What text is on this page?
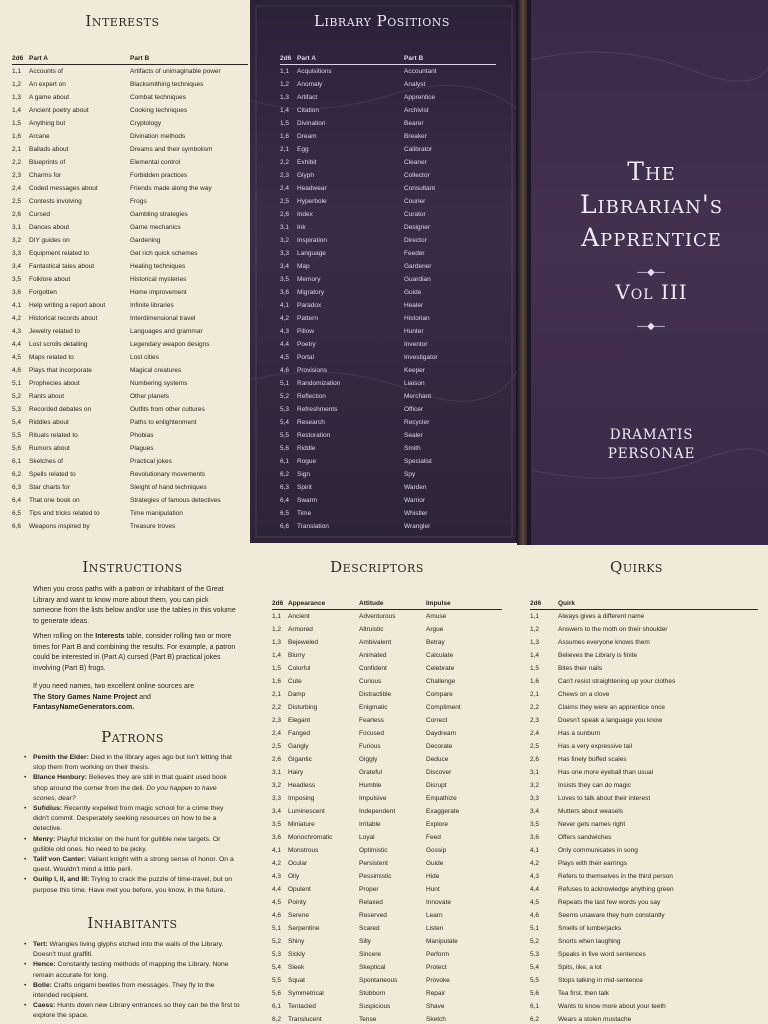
Interests
2d6 Part A	Part B
1,1 Accounts of	Artifacts of unimaginable power
1,2 An expert on	Blacksmithing techniques
1,3 A game about	Combat techniques
1,4 Ancient poetry about	Cooking techniques
1,5 Anything but	Cryptology
1,6 Arcane	Divination methods
2,1 Ballads about	Dreams and their symbolism
2,2 Blueprints of	Elemental control
2,3 Charms for	Forbidden practices
2,4 Coded messages about	Friends made along the way
2,5 Contests involving	Frogs
2,6 Cursed	Gambling strategies
3,1 Dances about	Game mechanics
3,2 DIY guides on	Gardening
3,3 Equipment related to	Get rich quick schemes
3,4 Fantastical tales about	Healing techniques
3,5 Folklore about	Historical mysteries
3,6 Forgotten	Home improvement
4,1 Help writing a report about	Infinite libraries
4,2 Historical records about	Interdimensional travel
4,3 Jewelry related to	Languages and grammar
4,4 Lost scrolls detailing	Legendary weapon designs
4,5 Maps related to	Lost cities
4,6 Plays that incorporate	Magical creatures
5,1 Prophecies about	Numbering systems
5,2 Rants about	Other planets
5,3 Recorded debates on	Outfits from other cultures
5,4 Riddles about	Paths to enlightenment
5,5 Rituals related to	Phobias
5,6 Rumors about	Plagues
6,1 Sketches of	Practical jokes
6,2 Spells related to	Revolutionary movements
6,3 Star charts for	Sleight of hand techniques
6,4 That one book on	Strategies of famous detectives
6,5 Tips and tricks related to	Time manipulation
6,6 Weapons inspired by	Treasure troves
Library Positions
2d6 Part A	Part B
1,1 Acquisitions	Accountant
1,2 Anomaly	Analyst
1,3 Artifact	Apprentice
1,4 Citation	Archivist
1,5 Divination	Bearer
1,6 Dream	Breaker
2,1 Egg	Calibrator
2,2 Exhibit	Cleaner
2,3 Glyph	Collector
2,4 Headwear	Consultant
2,5 Hyperbole	Courier
2,6 Index	Curator
3,1 Ink	Designer
3,2 Inspiration	Director
3,3 Language	Feeder
3,4 Map	Gardener
3,5 Memory	Guardian
3,6 Migratory	Guide
4,1 Paradox	Healer
4,2 Pattern	Historian
4,3 Pillow	Hunter
4,4 Poetry	Inventor
4,5 Portal	Investigator
4,6 Provisions	Keeper
5,1 Randomization	Liaison
5,2 Reflection	Merchant
5,3 Refreshments	Officer
5,4 Research	Recycler
5,5 Restoration	Sealer
5,6 Riddle	Smith
6,1 Rogue	Specialist
6,2 Sign	Spy
6,3 Spirit	Warden
6,4 Swarm	Warrior
6,5 Time	Whistler
6,6 Translation	Wrangler
The
Librarian's
Apprentice
—◆—
Vol III
—◆—
DRAMATIS
PERSONAE
Instructions
When you cross paths with a patron or inhabitant of the Great Library and want to know more about them, you can pick someone from the lists below and/or use the tables in this volume to generate ideas.
When rolling on the Interests table, consider rolling two or more times for Part B and combining the results. For example, a patron could be interested in (Part A) cursed (Part B) practical jokes involving (Part B) frogs.
If you need names, two excellent online sources are
The Story Games Name Project and
FantasyNameGenerators.com.
Patrons
• Pemith the Elder: Died in the library ages ago but isn't letting that stop them from working on their thesis.
• Blance Henbury: Believes they are still in that quaint used book shop around the corner from the deli. Do you happen to have scones, dear?
• Sufidius: Recently expelled from magic school for a crime they didn't commit. Desperately seeking resources on how to be a detective.
• Menry: Playful trickster on the hunt for gullible new targets. Or gullible old ones. No need to be picky.
• Talif von Canter: Valiant knight with a strong sense of honor. On a quest. Wouldn't mind a little peril.
• Guilip I, II, and III: Trying to crack the puzzle of time-travel, but on purpose this time. Have met you before, you know, in the future.
Inhabitants
• Tert: Wrangles living glyphs etched into the walls of the Library. Doesn't trust graffiti.
• Hence: Constantly testing methods of mapping the Library. None remain accurate for long.
• Bolle: Crafts origami beetles from messages. They fly to the intended recipient.
• Caess: Hunts down new Library entrances so they can be the first to explore the space.
Descriptors
2d6 Appearance	Attitude	Impulse
1,1 Ancient	Adventurous	Amuse
1,2 Armored	Altruistic	Argue
1,3 Bejeweled	Ambivalent	Betray
1,4 Blurry	Animated	Calculate
1,5 Colorful	Confident	Celebrate
1,6 Cute	Curious	Challenge
2,1 Damp	Distractible	Compare
2,2 Disturbing	Enigmatic	Compliment
2,3 Elegant	Fearless	Correct
2,4 Fanged	Focused	Daydream
2,5 Gangly	Furious	Decorate
2,6 Gigantic	Giggly	Deduce
3,1 Hairy	Grateful	Discover
3,2 Headless	Humble	Disrupt
3,3 Imposing	Impulsive	Empathize
3,4 Luminescent	Independent	Exaggerate
3,5 Miniature	Irritable	Explore
3,6 Monochromatic	Loyal	Feed
4,1 Monstrous	Optimistic	Gossip
4,2 Ocular	Persistent	Guide
4,3 Oily	Pessimistic	Hide
4,4 Opulent	Proper	Hunt
4,5 Pointy	Relaxed	Innovate
4,6 Serene	Reserved	Learn
5,1 Serpentine	Scared	Listen
5,2 Shiny	Silly	Manipulate
5,3 Sickly	Sincere	Perform
5,4 Sleek	Skeptical	Protect
5,5 Squat	Spontaneous	Provoke
5,6 Symmetrical	Stubborn	Repair
6,1 Tentacled	Suspicious	Shave
6,2 Translucent	Tense	Sketch
Quirks
2d6	Quirk
1,1	Always gives a different name
1,2	Answers to the moth on their shoulder
1,3	Assumes everyone knows them
1,4	Believes the Library is finite
1,5	Bites their nails
1,6	Can't resist straightening up your clothes
2,1	Chews on a clove
2,2	Claims they were an apprentice once
2,3	Doesn't speak a language you know
2,4	Has a sunburn
2,5	Has a very expressive tail
2,6	Has finely buffed scales
3,1	Has one more eyeball than usual
3,2	Insists they can do magic
3,3	Loves to talk about their interest
3,4	Mutters about weasels
3,5	Never gets names right
3,6	Offers sandwiches
4,1	Only communicates in song
4,2	Plays with their earrings
4,3	Refers to themselves in the third person
4,4	Refuses to acknowledge anything green
4,5	Repeats the last few words you say
4,6	Seems unaware they hum constantly
5,1	Smells of lumberjacks
5,2	Snorts when laughing
5,3	Speaks in five word sentences
5,4	Spits, like, a lot
5,5	Stops talking in mid-sentence
5,6	Tea first, then talk
6,1	Wants to know more about your teeth
6,2	Wears a stolen mustache
